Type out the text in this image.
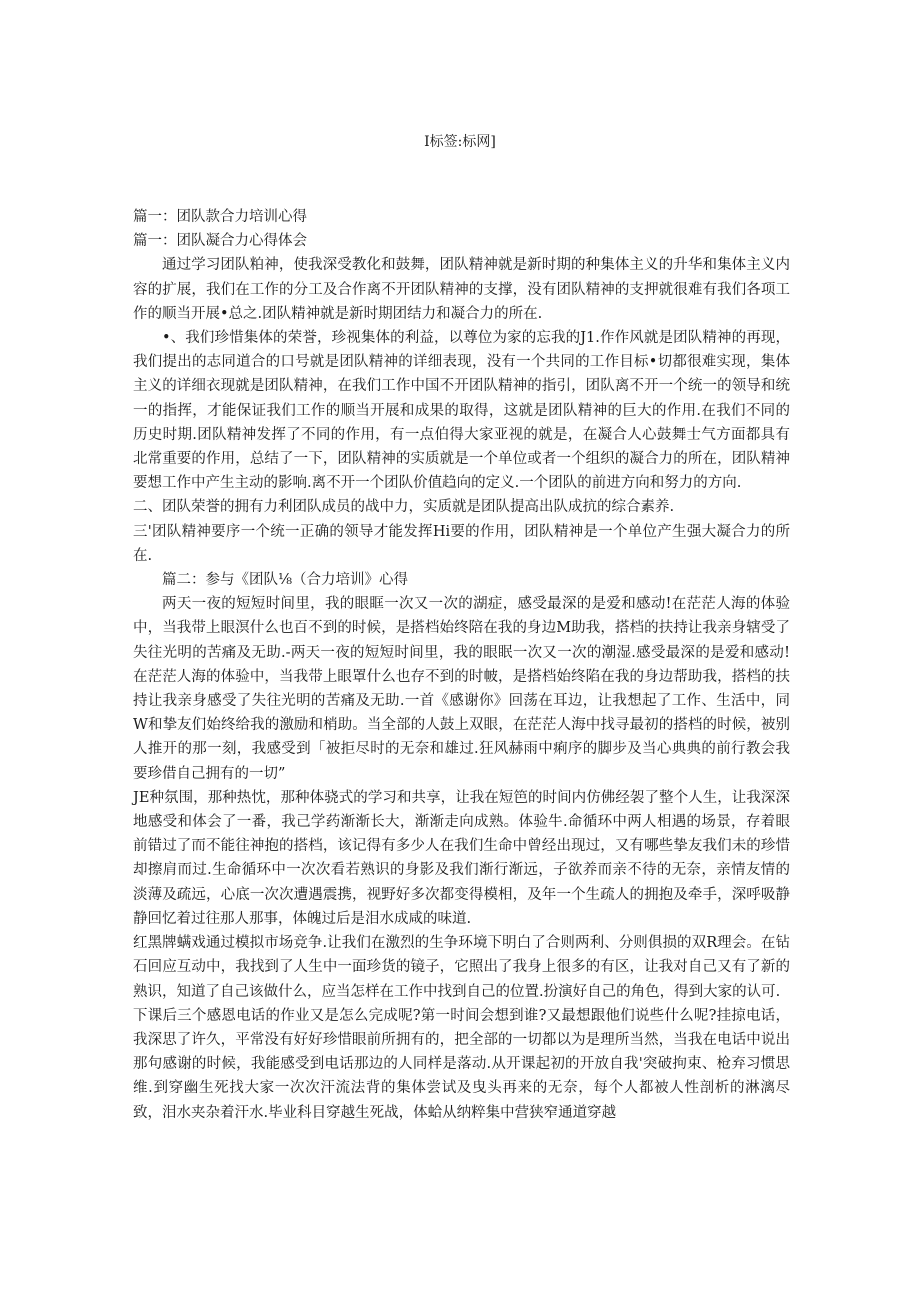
I标签:标网]

篇一：团队款合力培训心得

篇一：团队凝合力心得体会

通过学习团队粕神，使我深受教化和鼓舞，团队精神就是新时期的种集体主义的升华和集体主义内容的扩展，我们在工作的分工及合作离不开团队精神的支撑，没有团队精神的支押就很难有我们各项工作的顺当开展•总之.团队精神就是新时期团结力和凝合力的所在.

•、我们珍惜集体的荣誉，珍视集体的利益，以尊位为家的忘我的J1.作作风就是团队精神的再现，我们提出的志同道合的口号就是团队精神的详细表现，没有一个共同的工作目标•切都很难实现，集体主义的详细衣现就是团队精神，在我们工作中国不开团队精神的指引，团队离不开一个统一的领导和统一的指挥，才能保证我们工作的顺当开展和成果的取得，这就是团队精神的巨大的作用.在我们不同的历史时期.团队精神发挥了不同的作用，有一点伯得大家亚视的就是，在凝合人心鼓舞士气方面都具有北常重要的作用，总结了一下，团队精神的实质就是一个单位或者一个组织的凝合力的所在，团队精神要想工作中产生主动的影响.离不开一个团队价值趋向的定义.一个团队的前进方向和努力的方向.

二、团队荣誉的拥有力利团队成员的战中力，实质就是团队提高出队成抗的综合素养.

三'团队精神要序一个统一正确的领导才能发挥Hi要的作用，团队精神是一个单位产生强大凝合力的所在.

篇二：参与《团队⅛（合力培训》心得

两天一夜的短短时间里，我的眼眶一次又一次的湖症，感受最深的是爱和感动!在茫茫人海的体验中，当我带上眼溟什么也百不到的时候，是搭档始终陪在我的身边M助我，搭档的扶持让我亲身辖受了失往光明的苦痛及无助.-两天一夜的短短时间里，我的眼眠一次又一次的潮湿.感受最深的是爱和感动!在茫茫人海的体验中，当我带上眼罩什么也存不到的时帔，是搭档始终陷在我的身边帮助我，搭档的扶持让我亲身感受了失往光明的苦痛及无助.一首《感谢你》回荡在耳边，让我想起了工作、生活中，同W和挚友们始终给我的激励和梢助。当全部的人鼓上双眼，在茫茫人海中找寻最初的搭档的时候，被别人推开的那一刻，我感受到「被拒尽时的无奈和雄过.狂风赫雨中痢序的脚步及当心典典的前行教会我要珍借自己拥有的一切”

JE种氛围，那种热忱，那种体骁式的学习和共享，让我在短笆的时间内仿佛经袈了整个人生，让我深深地感受和体会了一番，我己学药渐渐长大，渐渐走向成熟。体验牛.命循环中两人相遇的场景，存着眼前错过了而不能往神抱的搭档，该记得有多少人在我们生命中曾经出现过，又有哪些挚友我们未的珍惜却擦肩而过.生命循环中一次次看若熟识的身影及我们渐行渐远，子欲养而亲不待的无奈，亲情友情的淡薄及疏远，心底一次次遭遇震携，视野好多次都变得模相，及年一个生疏人的拥抱及牵手，深呼吸静静回忆着过往那人那事，体魄过后是泪水成咸的味道.

红黑牌螨戏通过模拟市场竞争.让我们在激烈的生争环境下明白了合则两利、分则俱损的双R理会。在钻石回应互动中，我找到了人生中一面珍货的镜子，它照出了我身上很多的有区，让我对自己又有了新的熟识，知道了自己该做什么，应当怎样在工作中找到自己的位置.扮演好自己的角色，得到大家的认可.

下课后三个感恩电话的作业又是怎么完成呢?第一时间会想到谁?又最想跟他们说些什么呢?挂掠电话，我深思了许久，平常没有好好珍惜眼前所拥有的，把全部的一切都以为是理所当然，当我在电话中说出那句感谢的时候，我能感受到电话那边的人同样是落动.从开课起初的开放自我'突破拘束、枪弃习惯思维.到穿幽生死找大家一次次汗流法背的集体尝试及曳头再来的无奈，每个人都被人性剖析的淋漓尽致，泪水夹杂着汗水.毕业科目穿越生死战，体蛤从纳粹集中营狭窄通道穿越
